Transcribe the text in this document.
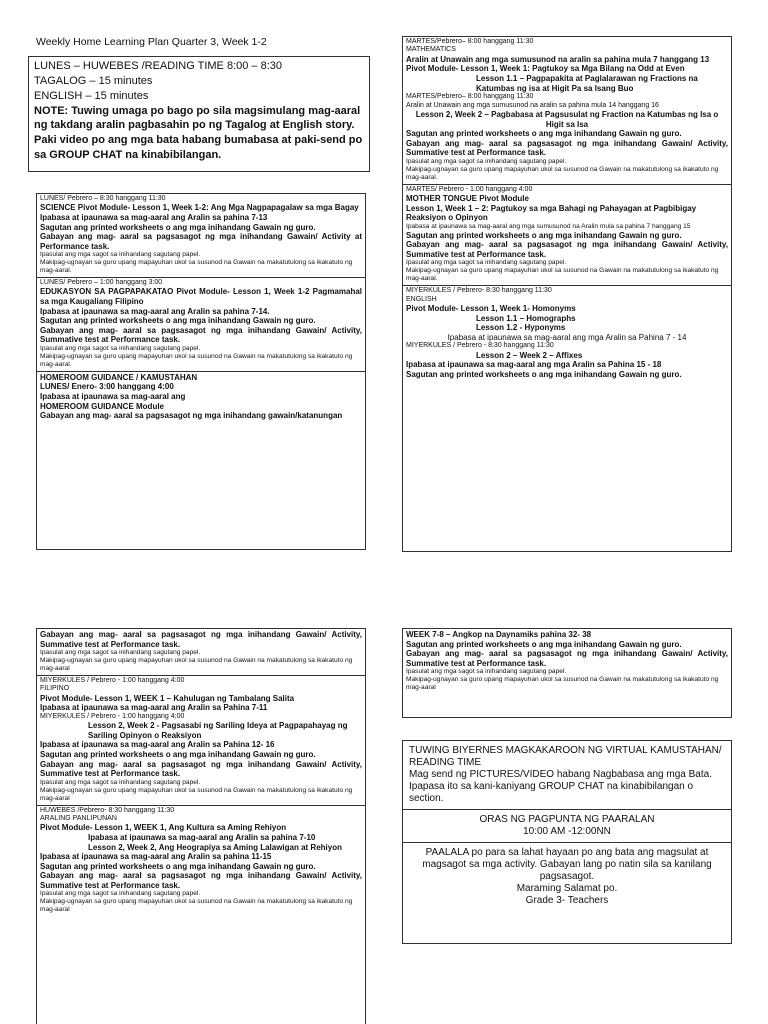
Weekly Home Learning Plan Quarter 3, Week 1-2
LUNES – HUWEBES /READING TIME 8:00 – 8:30
TAGALOG – 15 minutes
ENGLISH – 15 minutes
NOTE: Tuwing umaga po bago po sila magsimulang mag-aaral ng takdang aralin pagbasahin po ng Tagalog at English story.
Paki video po ang mga bata habang bumabasa at paki-send po sa GROUP CHAT na kinabibilangan.
LUNES/ Pebrero – 8:30 hanggang 11:30
SCIENCE Pivot Module- Lesson 1, Week 1-2: Ang Mga Nagpapagalaw sa mga Bagay
Ipabasa at ipaunawa sa mag-aaral ang Aralin sa pahina 7-13
Sagutan ang printed worksheets o ang mga inihandang Gawain ng guro.
Gabayan ang mag- aaral sa pagsasagot ng mga inihandang Gawain/ Activity at Performance task.
Ipasulat ang mga sagot sa inihandang sagutang papel.
Makipag-ugnayan sa guro upang mapayuhan ukol sa susunod na Gawain na makatutulong sa ikakatuto ng mag-aaral.
LUNES/ Pebrero – 1:00 hanggang 3:00
EDUKASYON SA PAGPAPAKATAO Pivot Module- Lesson 1, Week 1-2 Pagmamahal sa mga Kaugaliang Filipino
Ipabasa at ipaunawa sa mag-aaral ang Aralin sa pahina 7-14.
Sagutan ang printed worksheets o ang mga inihandang Gawain ng guro.
Gabayan ang mag- aaral sa pagsasagot ng mga inihandang Gawain/ Activity, Summative test at Performance task.
Ipasulat ang mga sagot sa inihandang sagutang papel.
Makipag-ugnayan sa guro upang mapayuhan ukol sa susunod na Gawain na makatutulong sa ikakatuto ng mag-aaral.
HOMEROOM GUIDANCE / KAMUSTAHAN
LUNES/ Enero- 3:00 hanggang 4:00
Ipabasa at ipaunawa sa mag-aaral ang
HOMEROOM GUIDANCE Module
Gabayan ang mag- aaral sa pagsasagot ng mga inihandang gawain/katanungan
MARTES/Pebrero– 8:00 hanggang 11:30
MATHEMATICS
Aralin at Unawain ang mga sumusunod na aralin sa pahina mula 7 hanggang 13
Pivot Module- Lesson 1, Week 1: Pagtukoy sa Mga Bilang na Odd at Even
Lesson 1.1 – Pagpapakita at Paglalarawan ng Fractions na Katumbas ng isa at Higit Pa sa Isang Buo
MARTES/Pebrero– 8:00 hanggang 11:30
Aralin at Unawain ang mga sumusunod na aralin sa pahina mula 14 hanggang 16
Lesson 2, Week 2 – Pagbabasa at Pagsusulat ng Fraction na Katumbas ng Isa o Higit sa Isa
Sagutan ang printed worksheets o ang mga inihandang Gawain ng guro.
Gabayan ang mag- aaral sa pagsasagot ng mga inihandang Gawain/ Activity, Summative test at Performance task.
Ipasulat ang mga sagot sa inihandang sagutang papel.
Makipag-ugnayan sa guro upang mapayuhan ukol sa susunod na Gawain na makatutulong sa ikakatuto ng mag-aaral.
MARTES/ Pebrero - 1:00 hanggang 4:00
MOTHER TONGUE Pivot Module
Lesson 1, Week 1 – 2: Pagtukoy sa mga Bahagi ng Pahayagan at Pagbibigay Reaksiyon o Opinyon
Ipabasa at ipaunawa sa mag-aaral ang mga sumusunod na Aralin mula sa pahina 7 hanggang 15
Sagutan ang printed worksheets o ang mga inihandang Gawain ng guro.
Gabayan ang mag- aaral sa pagsasagot ng mga inihandang Gawain/ Activity, Summative test at Performance task.
Ipasulat ang mga sagot sa inihandang sagutang papel.
Makipag-ugnayan sa guro upang mapayuhan ukol sa susunod na Gawain na makatutulong sa ikakatuto ng mag-aaral.
MIYERKULES / Pebrero- 8:30 hanggang 11:30
ENGLISH
Pivot Module- Lesson 1, Week 1- Homonyms
Lesson 1.1 – Homographs
Lesson 1.2 - Hyponyms
Ipabasa at ipaunawa sa mag-aaral ang mga Aralin sa Pahina 7 - 14
MIYERKULES / Pebrero - 8:30 hanggang 11:30
Lesson 2 – Week 2 – Affixes
Ipabasa at ipaunawa sa mag-aaral ang mga Aralin sa Pahina 15 - 18
Sagutan ang printed worksheets o ang mga inihandang Gawain ng guro.
Gabayan ang mag- aaral sa pagsasagot ng mga inihandang Gawain/ Activity, Summative test at Performance task.
Ipasulat ang mga sagot sa inihandang sagutang papel.
Makipag-ugnayan sa guro upang mapayuhan ukol sa susunod na Gawain na makatutulong sa ikakatuto ng mag-aaral
MIYERKULES / Pebrero - 1:00 hanggang 4:00
FILIPINO
Pivot Module- Lesson 1, WEEK 1 – Kahulugan ng Tambalang Salita
Ipabasa at ipaunawa sa mag-aaral ang Aralin sa Pahina 7-11
MIYERKULES / Pebrero - 1:00 hanggang 4:00
Lesson 2, Week 2 - Pagsasabi ng Sariling Ideya at Pagpapahayag ng Sariling Opinyon o Reaksiyon
Ipabasa at ipaunawa sa mag-aaral ang Aralin sa Pahina 12- 16
Sagutan ang printed worksheets o ang mga inihandang Gawain ng guro.
Gabayan ang mag- aaral sa pagsasagot ng mga inihandang Gawain/ Activity, Summative test at Performance task.
Ipasulat ang mga sagot sa inihandang sagutang papel.
Makipag-ugnayan sa guro upang mapayuhan ukol sa susunod na Gawain na makatutulong sa ikakatuto ng mag-aaral
HUWEBES /Pebrero- 8:30 hanggang 11:30
ARALING PANLIPUNAN
Pivot Module- Lesson 1, WEEK 1, Ang Kultura sa Aming Rehiyon
Ipabasa at ipaunawa sa mag-aaral ang Aralin sa pahina 7-10
Lesson 2, Week 2, Ang Heograpiya sa Aming Lalawigan at Rehiyon
Ipabasa at ipaunawa sa mag-aaral ang Aralin sa pahina 11-15
Sagutan ang printed worksheets o ang mga inihandang Gawain ng guro.
Gabayan ang mag- aaral sa pagsasagot ng mga inihandang Gawain/ Activity, Summative test at Performance task.
Ipasulat ang mga sagot sa inihandang sagutang papel.
Makipag-ugnayan sa guro upang mapayuhan ukol sa susunod na Gawain na makatutulong sa ikakatuto ng mag-aaral
WEEK 7-8 – Angkop na Daynamiks pahina 32- 38
Sagutan ang printed worksheets o ang mga inihandang Gawain ng guro.
Gabayan ang mag- aaral sa pagsasagot ng mga inihandang Gawain/ Activity, Summative test at Performance task.
Ipasulat ang mga sagot sa inihandang sagutang papel.
Makipag-ugnayan sa guro upang mapayuhan ukol sa susunod na Gawain na makatutulong sa ikakatuto ng mag-aaral
TUWING BIYERNES MAGKAKAROON NG VIRTUAL KAMUSTAHAN/ READING TIME
Mag send ng PICTURES/VIDEO habang Nagbabasa ang mga Bata. Ipapasa ito sa kani-kaniyang GROUP CHAT na kinabibilangan o section.
ORAS NG PAGPUNTA NG PAARALAN
10:00 AM -12:00NN
PAALALA po para sa lahat hayaan po ang bata ang magsulat at magsagot sa mga activity. Gabayan lang po natin sila sa kanilang pagsasagot.
Maraming Salamat po.
Grade 3- Teachers
